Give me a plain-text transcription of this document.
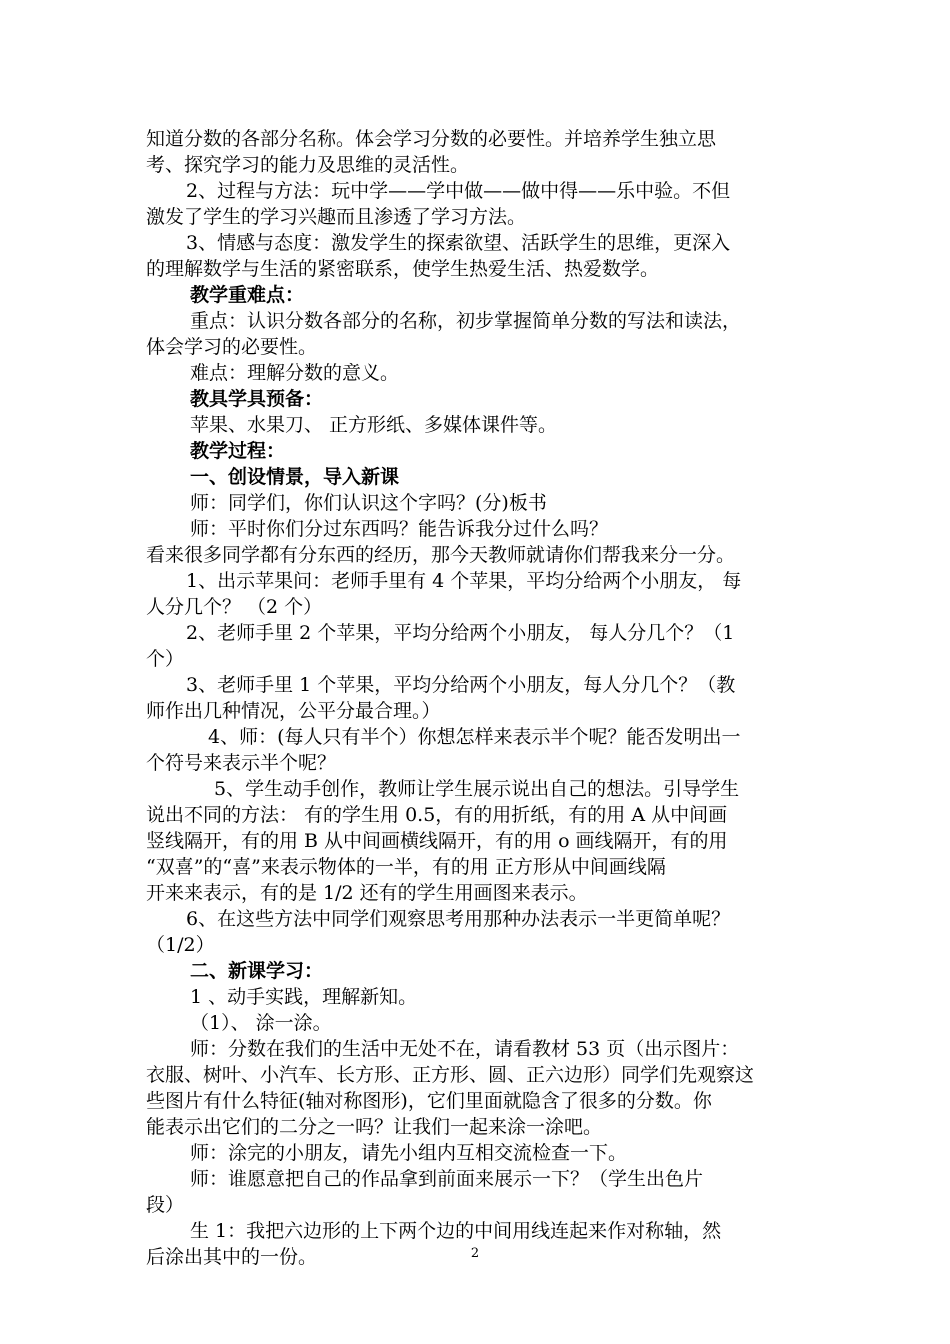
知道分数的各部分名称。体会学习分数的必要性。并培养学生独立思
考、探究学习的能力及思维的灵活性。
2、过程与方法：玩中学——学中做——做中得——乐中验。不但
激发了学生的学习兴趣而且渗透了学习方法。
3、情感与态度：激发学生的探索欲望、活跃学生的思维，更深入
的理解数学与生活的紧密联系，使学生热爱生活、热爱数学。
教学重难点：
重点：认识分数各部分的名称，初步掌握简单分数的写法和读法，
体会学习的必要性。
难点：理解分数的意义。
教具学具预备：
苹果、水果刀、 正方形纸、多媒体课件等。
教学过程：
一、创设情景，导入新课
师：同学们，你们认识这个字吗？(分)板书
师：平时你们分过东西吗？能告诉我分过什么吗？
看来很多同学都有分东西的经历，那今天教师就请你们帮我来分一分。
1、出示苹果问：老师手里有 4 个苹果，平均分给两个小朋友， 每
人分几个？ （2 个）
2、老师手里 2 个苹果，平均分给两个小朋友， 每人分几个？（1
个）
3、老师手里 1 个苹果，平均分给两个小朋友，每人分几个？（教
师作出几种情况，公平分最合理。）
4、师：(每人只有半个）你想怎样来表示半个呢？能否发明出一
个符号来表示半个呢？
5、学生动手创作，教师让学生展示说出自己的想法。引导学生
说出不同的方法： 有的学生用 0.5，有的用折纸，有的用 A 从中间画
竖线隔开，有的用 B 从中间画横线隔开，有的用 o 画线隔开，有的用
“双喜”的“喜”来表示物体的一半，有的用 正方形从中间画线隔
开来来表示，有的是 1/2 还有的学生用画图来表示。
6、在这些方法中同学们观察思考用那种办法表示一半更简单呢？
（1/2）
二、新课学习：
1 、动手实践，理解新知。
（1）、 涂一涂。
师：分数在我们的生活中无处不在，请看教材 53 页（出示图片：
衣服、树叶、小汽车、长方形、正方形、圆、正六边形）同学们先观察这
些图片有什么特征(轴对称图形)，它们里面就隐含了很多的分数。你
能表示出它们的二分之一吗？让我们一起来涂一涂吧。
师：涂完的小朋友，请先小组内互相交流检查一下。
师：谁愿意把自己的作品拿到前面来展示一下？（学生出色片
段）
生 1：我把六边形的上下两个边的中间用线连起来作对称轴，然
后涂出其中的一份。	2
